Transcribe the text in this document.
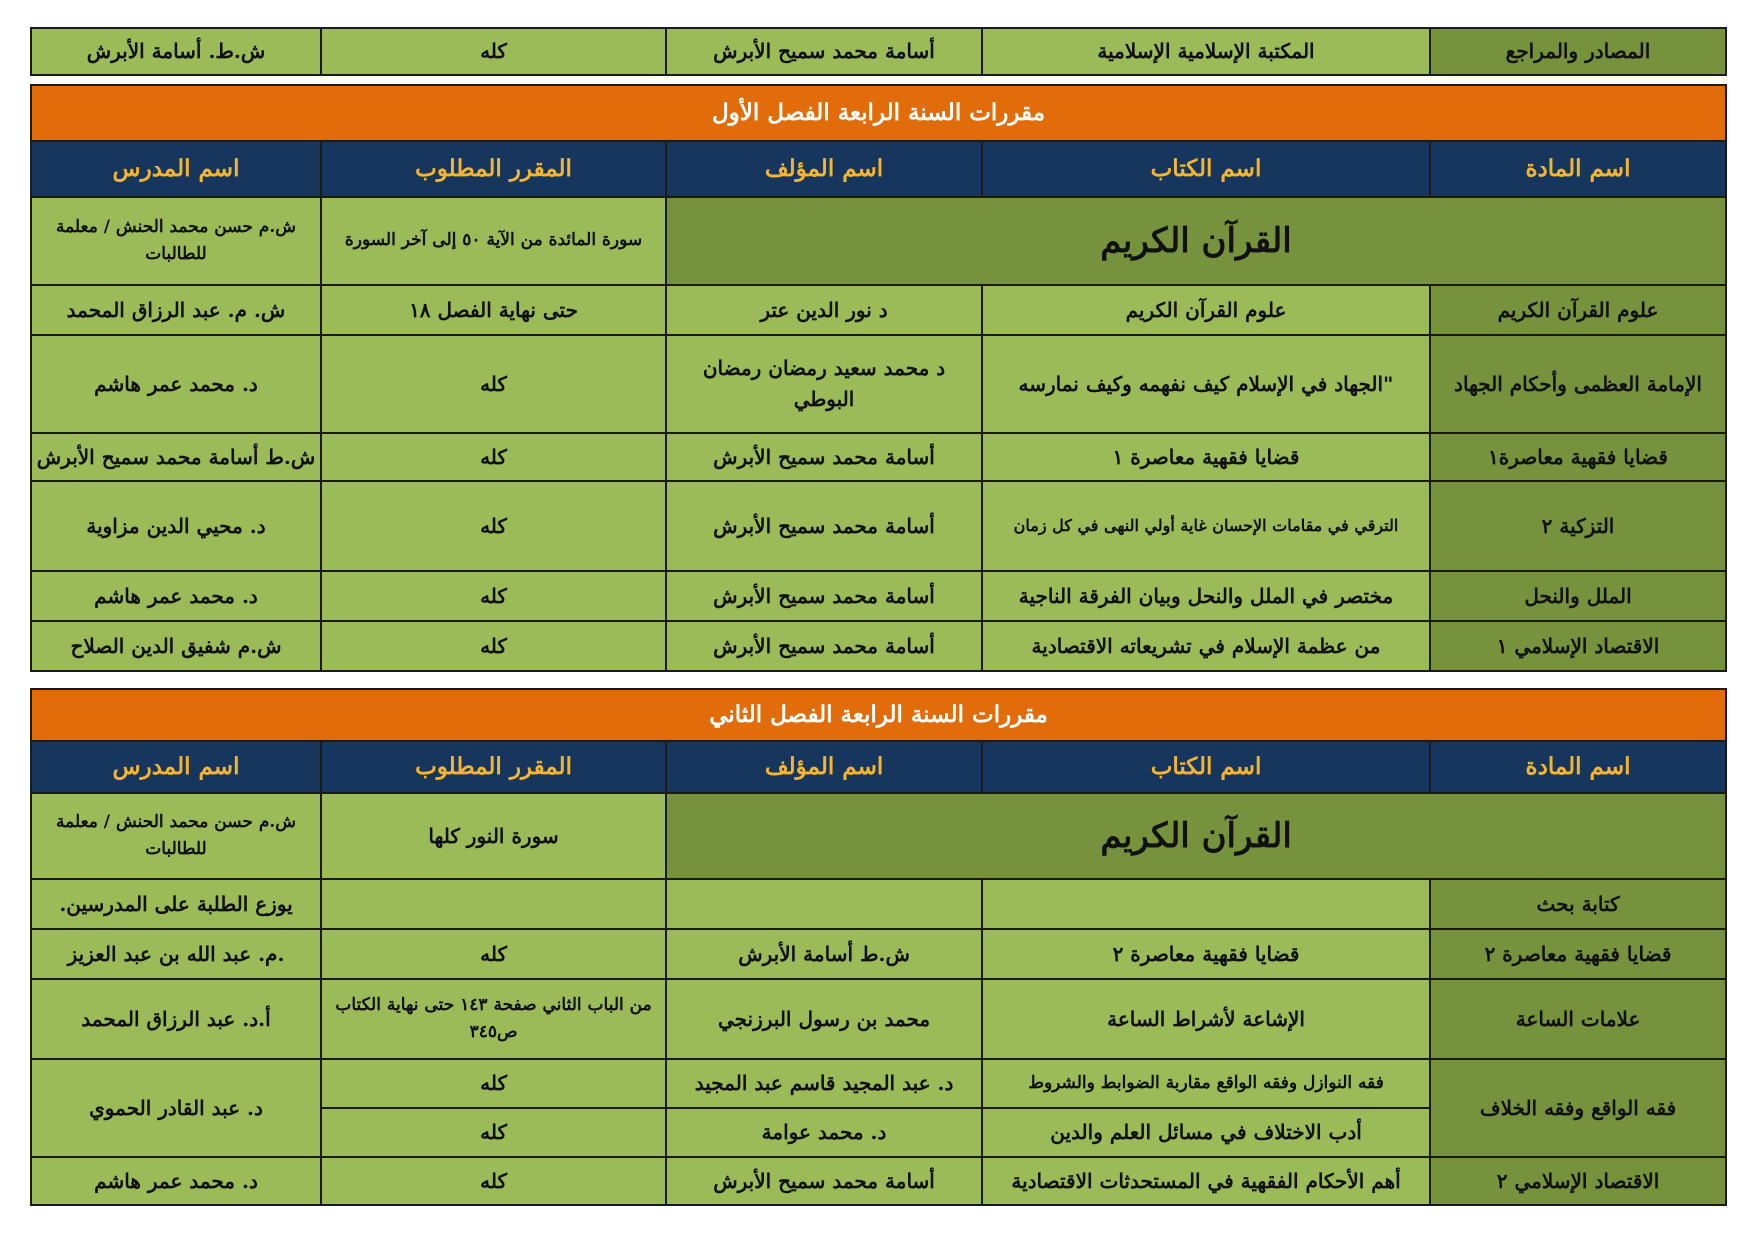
المصادر والمراجع	المكتبة الإسلامية الإسلامية	أسامة محمد سميح الأبرش	كله	ش.ط. أسامة الأبرش
مقررات السنة الرابعة الفصل الأول				
اسم المادة	اسم الكتاب	اسم المؤلف	المقرر المطلوب	اسم المدرس
القرآن الكريم			سورة المائدة من الآية ٥٠ إلى آخر السورة	ش.م حسن محمد الحنش / معلمة للطالبات
علوم القرآن الكريم	علوم القرآن الكريم	د نور الدين عتر	حتى نهاية الفصل ١٨	ش. م. عبد الرزاق المحمد
الإمامة العظمى وأحكام الجهاد	"الجهاد في الإسلام كيف نفهمه وكيف نمارسه	د محمد سعيد رمضان رمضان البوطي	كله	د. محمد عمر هاشم
قضايا فقهية معاصرة١	قضايا فقهية معاصرة ١	أسامة محمد سميح الأبرش	كله	ش.ط أسامة محمد سميح الأبرش
التزكية ٢	الترقي في مقامات الإحسان غاية أولي النهى في كل زمان	أسامة محمد سميح الأبرش	كله	د. محيي الدين مزاوية
الملل والنحل	مختصر في الملل والنحل وبيان الفرقة الناجية	أسامة محمد سميح الأبرش	كله	د. محمد عمر هاشم
الاقتصاد الإسلامي ١	من عظمة الإسلام في تشريعاته الاقتصادية	أسامة محمد سميح الأبرش	كله	ش.م شفيق الدين الصلاح
مقررات السنة الرابعة الفصل الثاني				
اسم المادة	اسم الكتاب	اسم المؤلف	المقرر المطلوب	اسم المدرس
القرآن الكريم			سورة النور كلها	ش.م حسن محمد الحنش / معلمة للطالبات
كتابة بحث				يوزع الطلبة على المدرسين.
قضايا فقهية معاصرة ٢	قضايا فقهية معاصرة ٢	ش.ط أسامة الأبرش	كله	.م. عبد الله بن عبد العزيز
علامات الساعة	الإشاعة لأشراط الساعة	محمد بن رسول البرزنجي	من الباب الثاني صفحة ١٤٣ حتى نهاية الكتاب ص٣٤٥	أ.د. عبد الرزاق المحمد
فقه الواقع وفقه الخلاف	فقه النوازل وفقه الواقع مقاربة الضوابط والشروط	د. عبد المجيد قاسم عبد المجيد	كله	د. عبد القادر الحموي
	أدب الاختلاف في مسائل العلم والدين	د. محمد عوامة	كله	
الاقتصاد الإسلامي ٢	أهم الأحكام الفقهية في المستحدثات الاقتصادية	أسامة محمد سميح الأبرش	كله	د. محمد عمر هاشم
